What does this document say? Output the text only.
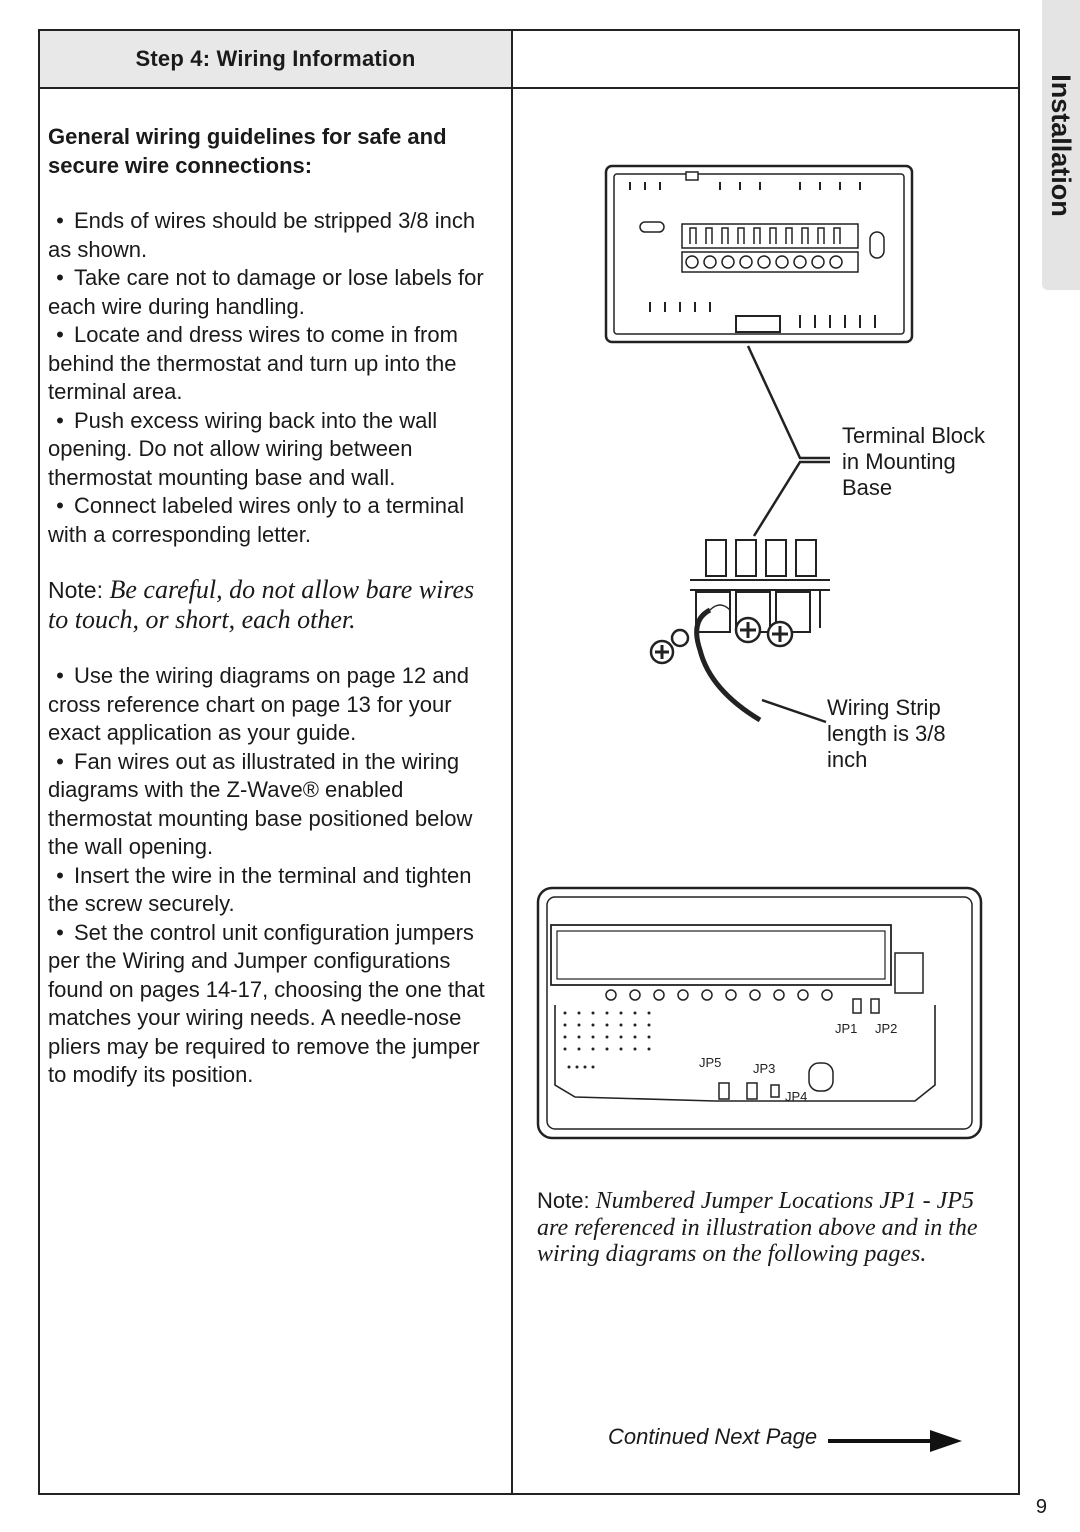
Step 4: Wiring Information
Installation
General wiring guidelines for safe and secure wire connections:
• Ends of wires should be stripped 3/8 inch as shown.
• Take care not to damage or lose labels for each wire during handling.
• Locate and dress wires to come in from behind the thermostat and turn up into the terminal area.
• Push excess wiring back into the wall opening. Do not allow wiring between thermostat mounting base and wall.
• Connect labeled wires only to a terminal with a corresponding letter.
Note: Be careful, do not allow bare wires to touch, or short, each other.
• Use the wiring diagrams on page 12 and cross reference chart on page 13 for your exact application as your guide.
• Fan wires out as illustrated in the wiring diagrams with the Z-Wave® enabled thermostat mounting base positioned below the wall opening.
• Insert the wire in the terminal and tighten the screw securely.
• Set the control unit configuration jumpers per the Wiring and Jumper configurations found on pages 14-17, choosing the one that matches your wiring needs. A needle-nose pliers may be required to remove the jumper to modify its position.
Terminal Block
in Mounting
Base
Wiring Strip
length is 3/8
inch
JP1 JP2
JP5 JP3
JP4
Note: Numbered Jumper Locations JP1 - JP5 are referenced in illustration above and in the wiring diagrams on the following pages.
Continued Next Page
9
